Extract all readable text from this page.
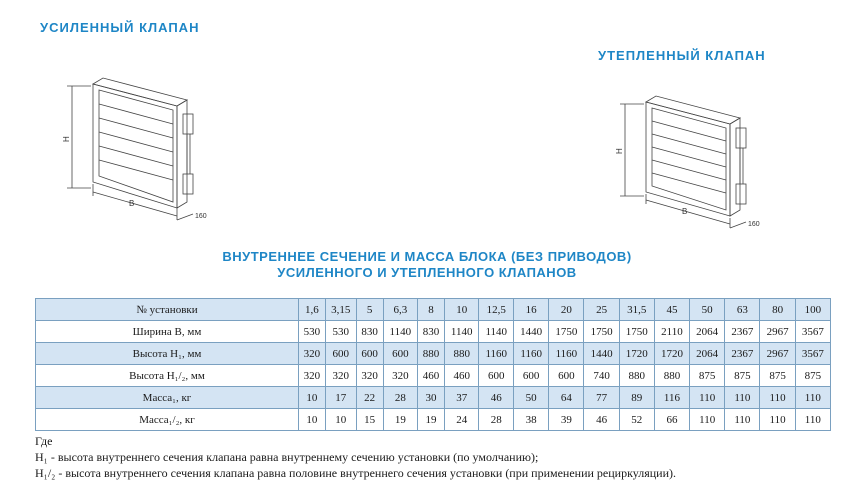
УСИЛЕННЫЙ КЛАПАН
УТЕПЛЕННЫЙ КЛАПАН
H
B
160
H
B
160
ВНУТРЕННЕЕ СЕЧЕНИЕ И МАССА БЛОКА (БЕЗ ПРИВОДОВ)
УСИЛЕННОГО И УТЕПЛЕННОГО КЛАПАНОВ
№ установки	1,6	3,15	5	6,3	8	10	12,5	16	20	25	31,5	45	50	63	80	100
Ширина B, мм	530	530	830	1140	830	1140	1140	1440	1750	1750	1750	2110	2064	2367	2967	3567
Высота H₁, мм	320	600	600	600	880	880	1160	1160	1160	1440	1720	1720	2064	2367	2967	3567
Высота H₁/₂, мм	320	320	320	320	460	460	600	600	600	740	880	880	875	875	875	875
Масса₁, кг	10	17	22	28	30	37	46	50	64	77	89	116	110	110	110	110
Масса₁/₂, кг	10	10	15	19	19	24	28	38	39	46	52	66	110	110	110	110
Где
H₁ - высота внутреннего сечения клапана равна внутреннему сечению установки (по умолчанию);
H₁/₂ - высота внутреннего сечения клапана равна половине внутреннего сечения установки (при применении рециркуляции).
